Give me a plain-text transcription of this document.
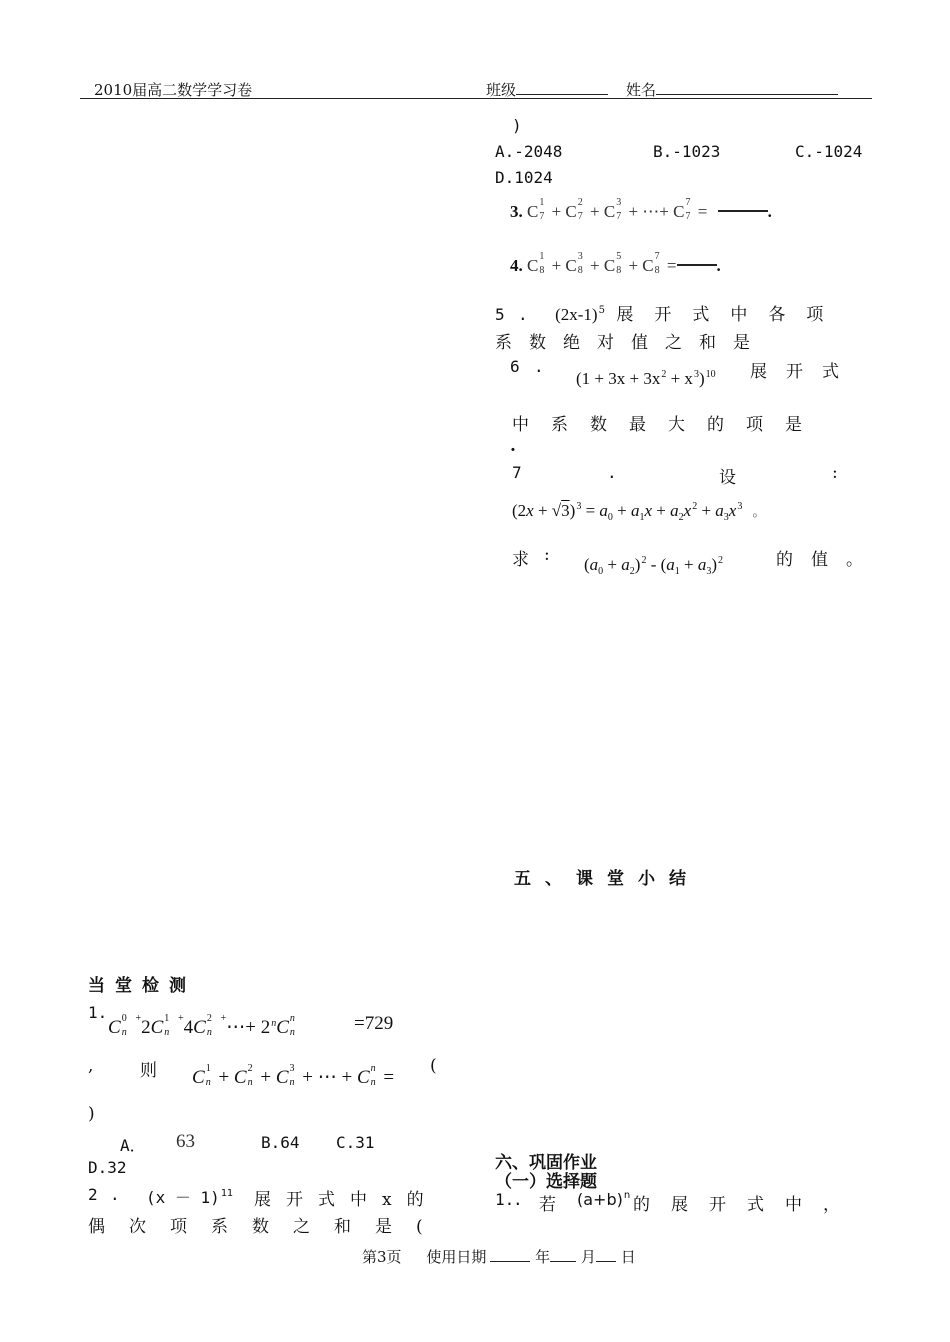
2010届高二数学学习卷	班级	姓名
)
A.-2048	B.-1023	C.-1024
D.1024
3. C 1
7 + C 2
7 + C 3
7 + ⋯+ C 7
7 =	.
4. C 1
8 + C 3
8 + C 5
8 + C 7
8 = .
5 . $(2x-1)^5$ 展开式中各项
系数绝对值之和是
6 .
$(1 + 3x + 3x^2 + x^3)^{10}$ 展开式
中系数最大的项是
.
7	.	设	:
$(2x + √3)^3 = a_0 + a_1x + a_2x^2 + a_3x^3$ 。
求 : $(a_0 + a_2)^2 - (a_1 + a_3)^2$	的值。
五、课堂小结
六、巩固作业
（一）选择题
1.
. 若 $(a+b)^n$ 的展开式中，
当堂检测
1.
C 0
n
+2C 1
n
+4C 2
n
+⋯+ $2^nC$ n
n	=729
,	则 C 1
n + C 2
n + C 3
n + ⋯ + C n
n =
(
)
A． 63	B.64 C.31
D.32
2 . $(x - 1)^{11}$ 展开式中x的
偶次项系数之和是(
第3页 使用日期	年 月 日
